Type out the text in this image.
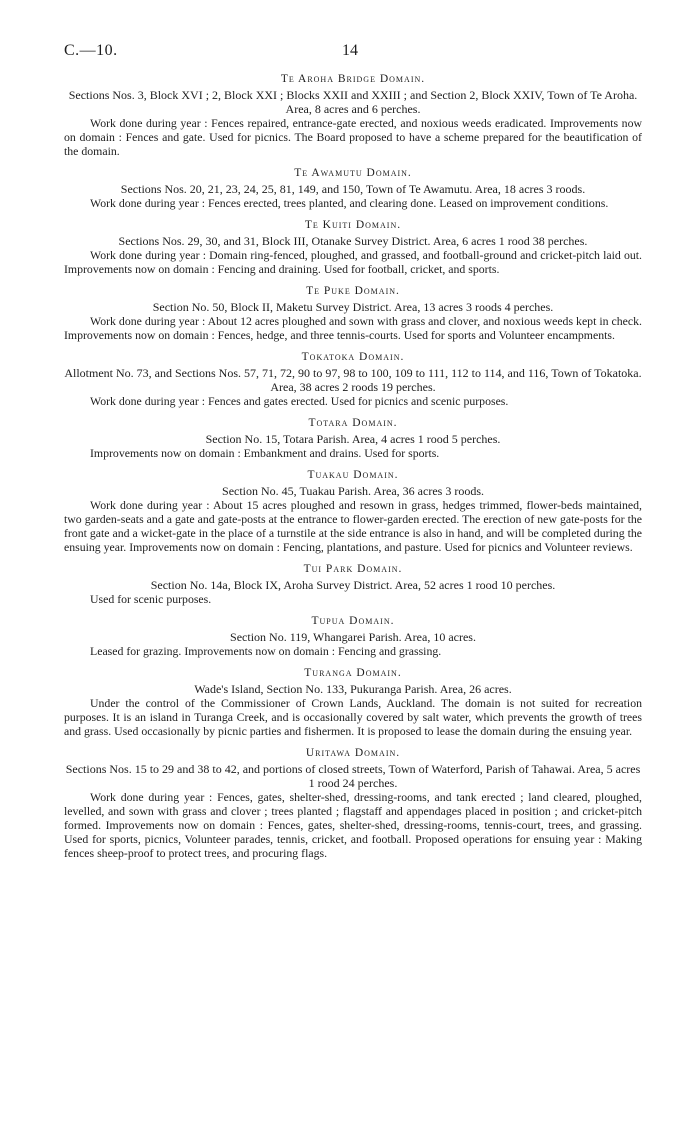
C.—10.	14
Te Aroha Bridge Domain.
Sections Nos. 3, Block XVI ; 2, Block XXI ; Blocks XXII and XXIII ; and Section 2, Block XXIV, Town of Te Aroha. Area, 8 acres and 6 perches.

Work done during year : Fences repaired, entrance-gate erected, and noxious weeds eradicated. Improvements now on domain : Fences and gate. Used for picnics. The Board proposed to have a scheme prepared for the beautification of the domain.

Te Awamutu Domain.
Sections Nos. 20, 21, 23, 24, 25, 81, 149, and 150, Town of Te Awamutu. Area, 18 acres 3 roods.

Work done during year : Fences erected, trees planted, and clearing done. Leased on improvement conditions.

Te Kuiti Domain.
Sections Nos. 29, 30, and 31, Block III, Otanake Survey District. Area, 6 acres 1 rood 38 perches.

Work done during year : Domain ring-fenced, ploughed, and grassed, and football-ground and cricket-pitch laid out. Improvements now on domain : Fencing and draining. Used for football, cricket, and sports.

Te Puke Domain.
Section No. 50, Block II, Maketu Survey District. Area, 13 acres 3 roods 4 perches.

Work done during year : About 12 acres ploughed and sown with grass and clover, and noxious weeds kept in check. Improvements now on domain : Fences, hedge, and three tennis-courts. Used for sports and Volunteer encampments.

Tokatoka Domain.
Allotment No. 73, and Sections Nos. 57, 71, 72, 90 to 97, 98 to 100, 109 to 111, 112 to 114, and 116, Town of Tokatoka. Area, 38 acres 2 roods 19 perches.

Work done during year : Fences and gates erected. Used for picnics and scenic purposes.

Totara Domain.
Section No. 15, Totara Parish. Area, 4 acres 1 rood 5 perches.

Improvements now on domain : Embankment and drains. Used for sports.

Tuakau Domain.
Section No. 45, Tuakau Parish. Area, 36 acres 3 roods.

Work done during year : About 15 acres ploughed and resown in grass, hedges trimmed, flower-beds maintained, two garden-seats and a gate and gate-posts at the entrance to flower-garden erected. The erection of new gate-posts for the front gate and a wicket-gate in the place of a turnstile at the side entrance is also in hand, and will be completed during the ensuing year. Improvements now on domain : Fencing, plantations, and pasture. Used for picnics and Volunteer reviews.

Tui Park Domain.
Section No. 14a, Block IX, Aroha Survey District. Area, 52 acres 1 rood 10 perches.

Used for scenic purposes.

Tupua Domain.
Section No. 119, Whangarei Parish. Area, 10 acres.

Leased for grazing. Improvements now on domain : Fencing and grassing.

Turanga Domain.
Wade's Island, Section No. 133, Pukuranga Parish. Area, 26 acres.

Under the control of the Commissioner of Crown Lands, Auckland. The domain is not suited for recreation purposes. It is an island in Turanga Creek, and is occasionally covered by salt water, which prevents the growth of trees and grass. Used occasionally by picnic parties and fishermen. It is proposed to lease the domain during the ensuing year.

Uritawa Domain.
Sections Nos. 15 to 29 and 38 to 42, and portions of closed streets, Town of Waterford, Parish of Tahawai. Area, 5 acres 1 rood 24 perches.

Work done during year : Fences, gates, shelter-shed, dressing-rooms, and tank erected ; land cleared, ploughed, levelled, and sown with grass and clover ; trees planted ; flagstaff and appendages placed in position ; and cricket-pitch formed. Improvements now on domain : Fences, gates, shelter-shed, dressing-rooms, tennis-court, trees, and grassing. Used for sports, picnics, Volunteer parades, tennis, cricket, and football. Proposed operations for ensuing year : Making fences sheep-proof to protect trees, and procuring flags.
